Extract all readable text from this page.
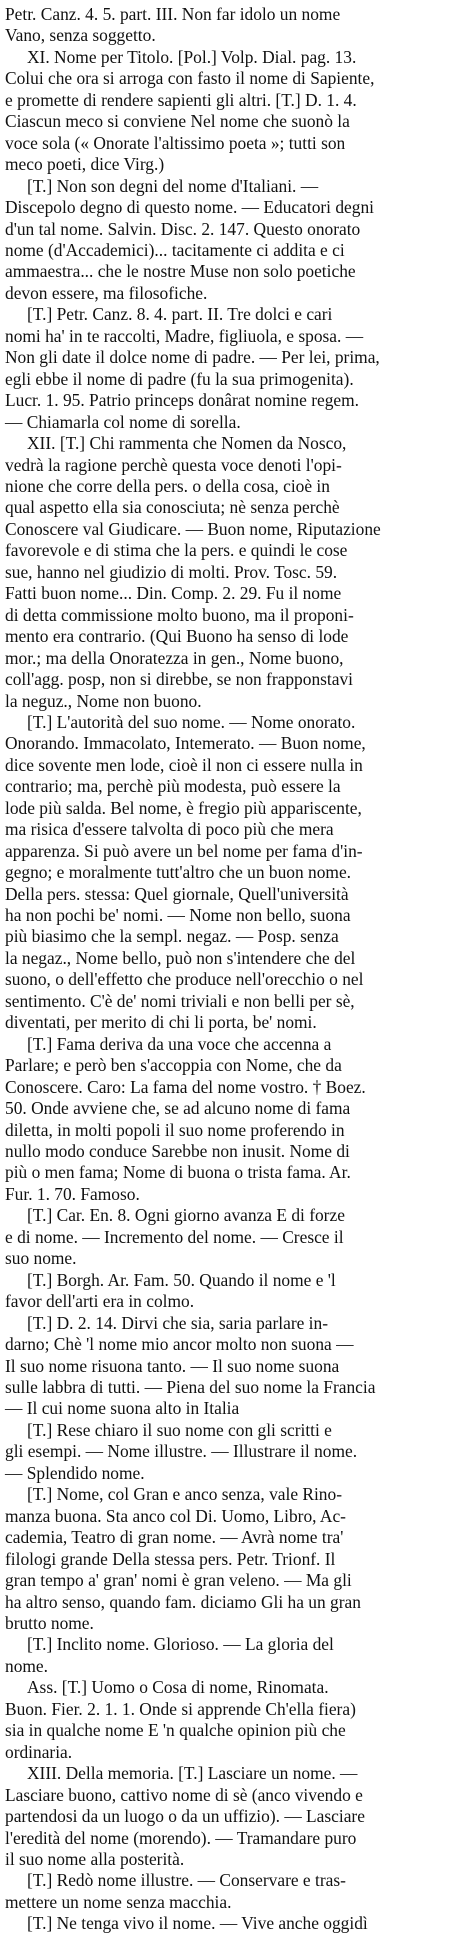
Petr. Canz. 4. 5. part. III. Non far idolo un nome
Vano, senza soggetto.
XI. Nome per Titolo. [Pol.] Volp. Dial. pag. 13.
Colui che ora si arroga con fasto il nome di Sapiente,
e promette di rendere sapienti gli altri. [T.] D. 1. 4.
Ciascun meco si conviene Nel nome che suonò la
voce sola (« Onorate l'altissimo poeta »; tutti son
meco poeti, dice Virg.)
[T.] Non son degni del nome d'Italiani. —
Discepolo degno di questo nome. — Educatori degni
d'un tal nome. Salvin. Disc. 2. 147. Questo onorato
nome (d'Accademici)... tacitamente ci addita e ci
ammaestra... che le nostre Muse non solo poetiche
devon essere, ma filosofiche.
[T.] Petr. Canz. 8. 4. part. II. Tre dolci e cari
nomi ha' in te raccolti, Madre, figliuola, e sposa. —
Non gli date il dolce nome di padre. — Per lei, prima,
egli ebbe il nome di padre (fu la sua primogenita).
Lucr. 1. 95. Patrio princeps donârat nomine regem.
— Chiamarla col nome di sorella.
XII. [T.] Chi rammenta che Nomen da Nosco,
vedrà la ragione perchè questa voce denoti l'opi-
nione che corre della pers. o della cosa, cioè in
qual aspetto ella sia conosciuta; nè senza perchè
Conoscere val Giudicare. — Buon nome, Riputazione
favorevole e di stima che la pers. e quindi le cose
sue, hanno nel giudizio di molti. Prov. Tosc. 59.
Fatti buon nome... Din. Comp. 2. 29. Fu il nome
di detta commissione molto buono, ma il proponi-
mento era contrario. (Qui Buono ha senso di lode
mor.; ma della Onoratezza in gen., Nome buono,
coll'agg. posp, non si direbbe, se non frapponstavi
la neguz., Nome non buono.
[T.] L'autorità del suo nome. — Nome onorato.
Onorando. Immacolato, Intemerato. — Buon nome,
dice sovente men lode, cioè il non ci essere nulla in
contrario; ma, perchè più modesta, può essere la
lode più salda. Bel nome, è fregio più appariscente,
ma risica d'essere talvolta di poco più che mera
apparenza. Si può avere un bel nome per fama d'in-
gegno; e moralmente tutt'altro che un buon nome.
Della pers. stessa: Quel giornale, Quell'università
ha non pochi be' nomi. — Nome non bello, suona
più biasimo che la sempl. negaz. — Posp. senza
la negaz., Nome bello, può non s'intendere che del
suono, o dell'effetto che produce nell'orecchio o nel
sentimento. C'è de' nomi triviali e non belli per sè,
diventati, per merito di chi li porta, be' nomi.
[T.] Fama deriva da una voce che accenna a
Parlare; e però ben s'accoppia con Nome, che da
Conoscere. Caro: La fama del nome vostro. † Boez.
50. Onde avviene che, se ad alcuno nome di fama
diletta, in molti popoli il suo nome proferendo in
nullo modo conduce Sarebbe non inusit. Nome di
più o men fama; Nome di buona o trista fama. Ar.
Fur. 1. 70. Famoso.
[T.] Car. En. 8. Ogni giorno avanza E di forze
e di nome. — Incremento del nome. — Cresce il
suo nome.
[T.] Borgh. Ar. Fam. 50. Quando il nome e 'l
favor dell'arti era in colmo.
[T.] D. 2. 14. Dirvi che sia, saria parlare in-
darno; Chè 'l nome mio ancor molto non suona —
Il suo nome risuona tanto. — Il suo nome suona
sulle labbra di tutti. — Piena del suo nome la Francia
— Il cui nome suona alto in Italia
[T.] Rese chiaro il suo nome con gli scritti e
gli esempi. — Nome illustre. — Illustrare il nome.
— Splendido nome.
[T.] Nome, col Gran e anco senza, vale Rino-
manza buona. Sta anco col Di. Uomo, Libro, Ac-
cademia, Teatro di gran nome. — Avrà nome tra'
filologi grande Della stessa pers. Petr. Trionf. Il
gran tempo a' gran' nomi è gran veleno. — Ma gli
ha altro senso, quando fam. diciamo Gli ha un gran
brutto nome.
[T.] Inclito nome. Glorioso. — La gloria del
nome.
Ass. [T.] Uomo o Cosa di nome, Rinomata.
Buon. Fier. 2. 1. 1. Onde si apprende Ch'ella fiera)
sia in qualche nome E 'n qualche opinion più che
ordinaria.
XIII. Della memoria. [T.] Lasciare un nome. —
Lasciare buono, cattivo nome di sè (anco vivendo e
partendosi da un luogo o da un uffizio). — Lasciare
l'eredità del nome (morendo). — Tramandare puro
il suo nome alla posterità.
[T.] Redò nome illustre. — Conservare e tras-
mettere un nome senza macchia.
[T.] Ne tenga vivo il nome. — Vive anche oggidì
